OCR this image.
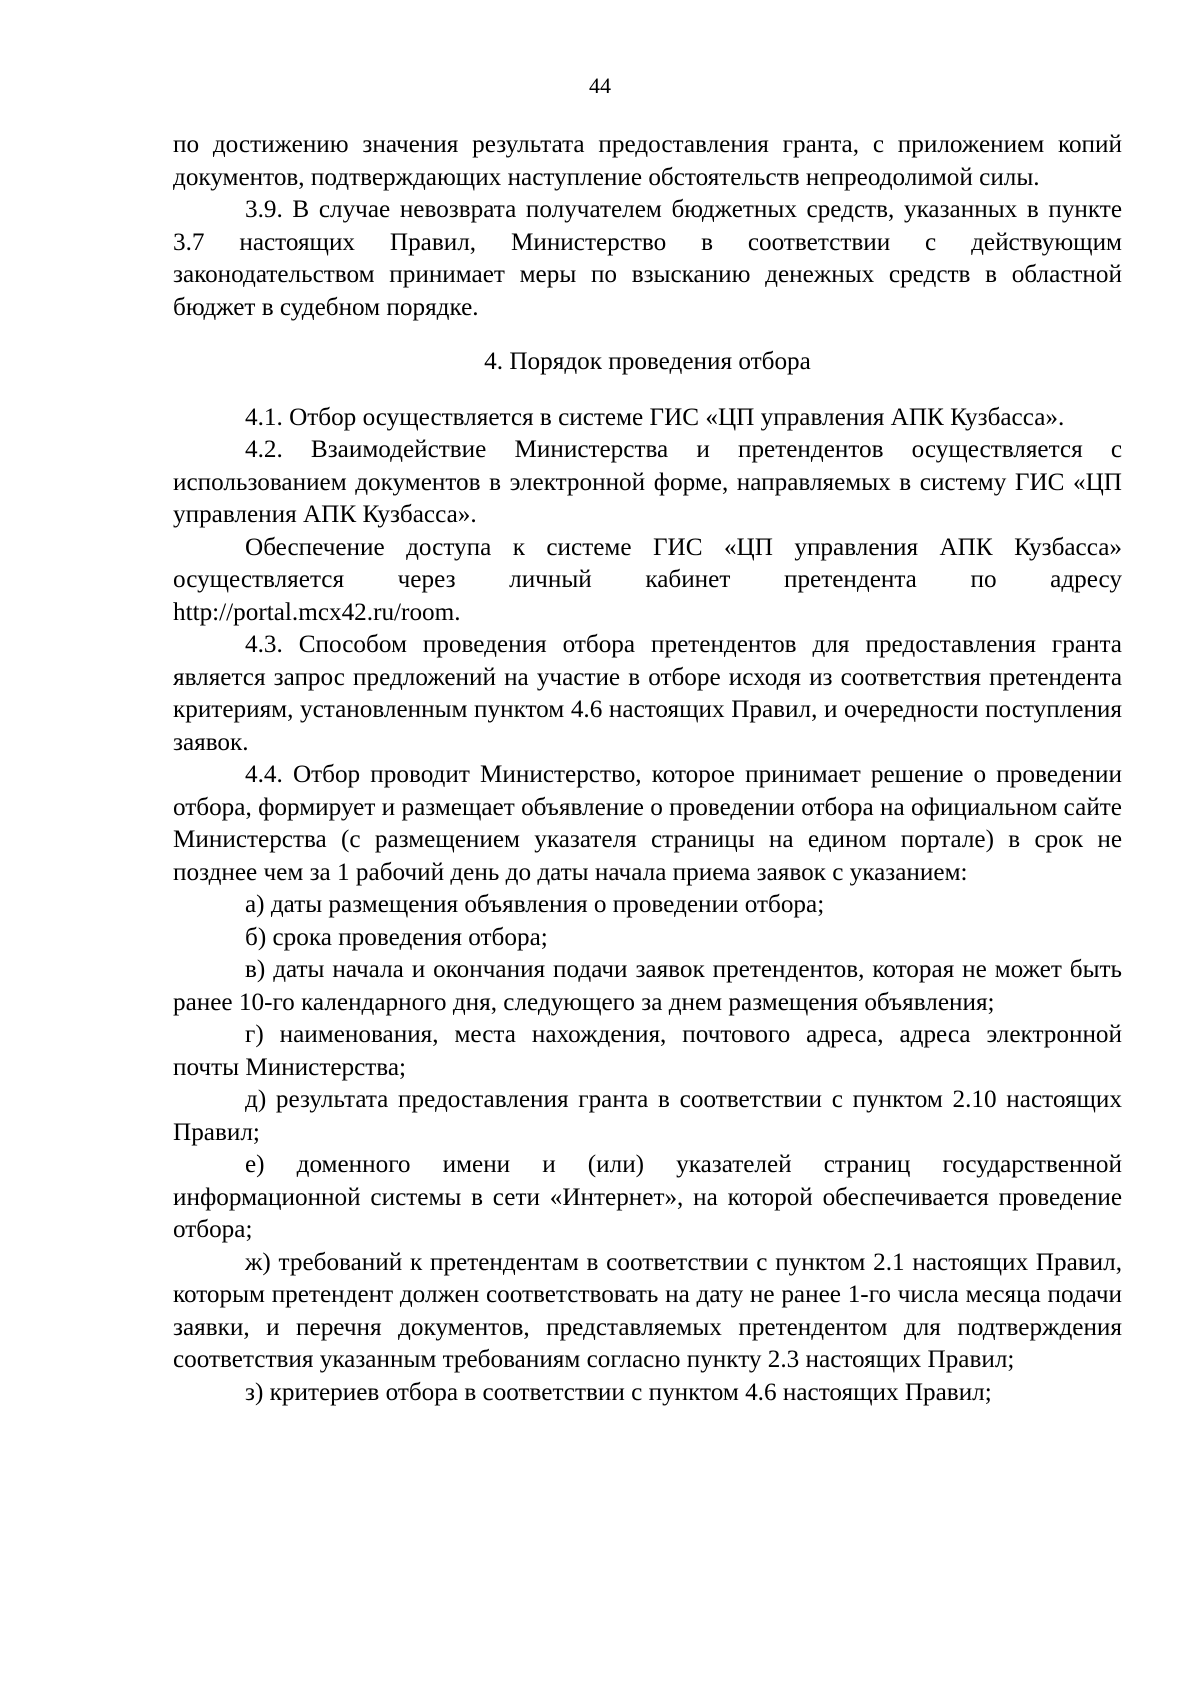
44

по достижению значения результата предоставления гранта, с приложением копий документов, подтверждающих наступление обстоятельств непреодолимой силы.

3.9. В случае невозврата получателем бюджетных средств, указанных в пункте 3.7 настоящих Правил, Министерство в соответствии с действующим законодательством принимает меры по взысканию денежных средств в областной бюджет в судебном порядке.

4. Порядок проведения отбора

4.1. Отбор осуществляется в системе ГИС «ЦП управления АПК Кузбасса».

4.2. Взаимодействие Министерства и претендентов осуществляется с использованием документов в электронной форме, направляемых в систему ГИС «ЦП управления АПК Кузбасса».

Обеспечение доступа к системе ГИС «ЦП управления АПК Кузбасса» осуществляется через личный кабинет претендента по адресу http://portal.mcx42.ru/room.

4.3. Способом проведения отбора претендентов для предоставления гранта является запрос предложений на участие в отборе исходя из соответствия претендента критериям, установленным пунктом 4.6 настоящих Правил, и очередности поступления заявок.

4.4. Отбор проводит Министерство, которое принимает решение о проведении отбора, формирует и размещает объявление о проведении отбора на официальном сайте Министерства (с размещением указателя страницы на едином портале) в срок не позднее чем за 1 рабочий день до даты начала приема заявок с указанием:

а) даты размещения объявления о проведении отбора;

б) срока проведения отбора;

в) даты начала и окончания подачи заявок претендентов, которая не может быть ранее 10-го календарного дня, следующего за днем размещения объявления;

г) наименования, места нахождения, почтового адреса, адреса электронной почты Министерства;

д) результата предоставления гранта в соответствии с пунктом 2.10 настоящих Правил;

е) доменного имени и (или) указателей страниц государственной информационной системы в сети «Интернет», на которой обеспечивается проведение отбора;

ж) требований к претендентам в соответствии с пунктом 2.1 настоящих Правил, которым претендент должен соответствовать на дату не ранее 1-го числа месяца подачи заявки, и перечня документов, представляемых претендентом для подтверждения соответствия указанным требованиям согласно пункту 2.3 настоящих Правил;

з) критериев отбора в соответствии с пунктом 4.6 настоящих Правил;
